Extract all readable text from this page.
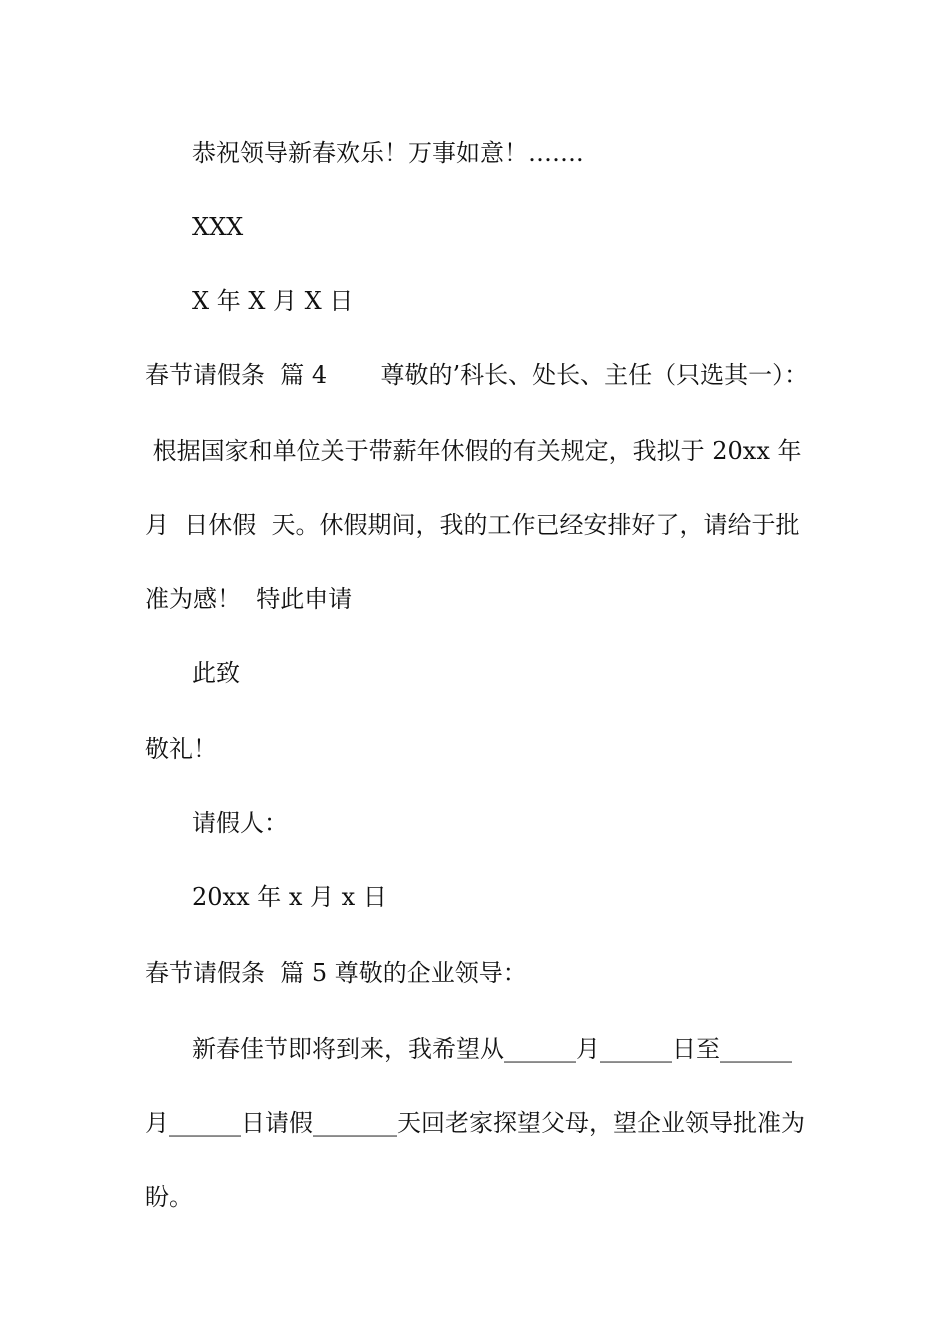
恭祝领导新春欢乐！万事如意！…….
XXX
X 年 X 月 X 日
春节请假条  篇 4       尊敬的’科长、处长、主任（只选其一）：
根据国家和单位关于带薪年休假的有关规定，我拟于 20xx 年
月  日休假  天。休假期间，我的工作已经安排好了，请给于批
准为感！  特此申请
此致
敬礼！
请假人：
20xx 年 x 月 x 日
春节请假条  篇 5 尊敬的企业领导：
新春佳节即将到来，我希望从______月______日至______
月______日请假_______天回老家探望父母，望企业领导批准为
盼。
